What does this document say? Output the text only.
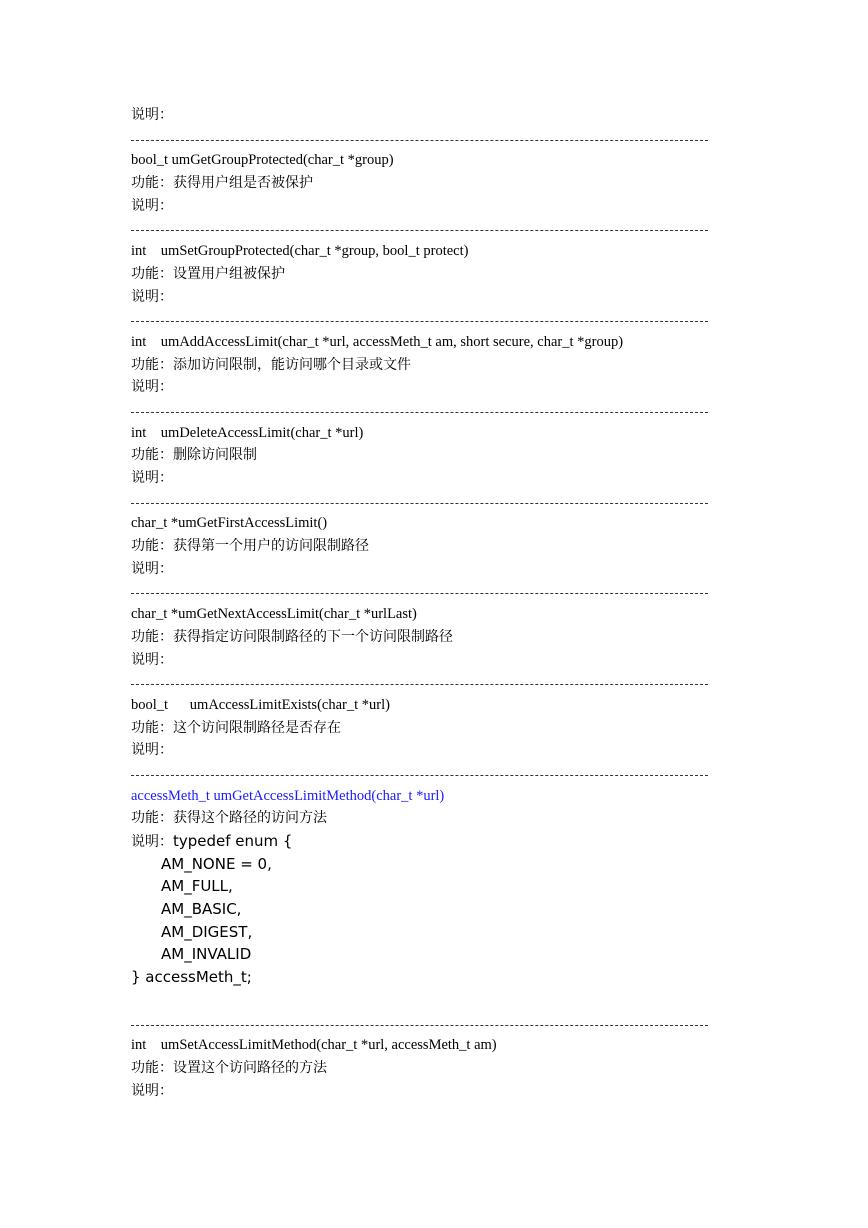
说明：
bool_t umGetGroupProtected(char_t *group)
功能：获得用户组是否被保护
说明：
int    umSetGroupProtected(char_t *group, bool_t protect)
功能：设置用户组被保护
说明：
int    umAddAccessLimit(char_t *url, accessMeth_t am, short secure, char_t *group)
功能：添加访问限制，能访问哪个目录或文件
说明：
int    umDeleteAccessLimit(char_t *url)
功能：删除访问限制
说明：
char_t *umGetFirstAccessLimit()
功能：获得第一个用户的访问限制路径
说明：
char_t *umGetNextAccessLimit(char_t *urlLast)
功能：获得指定访问限制路径的下一个访问限制路径
说明：
bool_t      umAccessLimitExists(char_t *url)
功能：这个访问限制路径是否存在
说明：
accessMeth_t umGetAccessLimitMethod(char_t *url)
功能：获得这个路径的访问方法
说明：typedef enum {
AM_NONE = 0,
AM_FULL,
AM_BASIC,
AM_DIGEST,
AM_INVALID
} accessMeth_t;
int    umSetAccessLimitMethod(char_t *url, accessMeth_t am)
功能：设置这个访问路径的方法
说明：
